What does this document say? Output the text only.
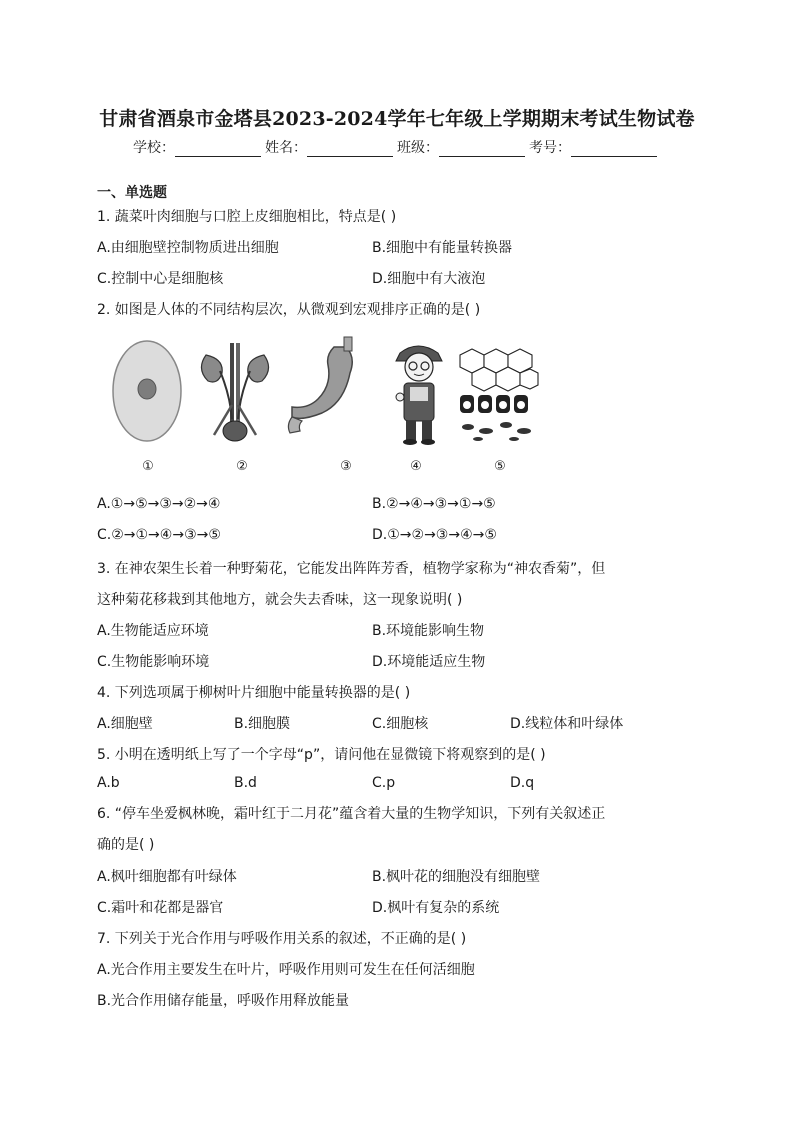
甘肃省酒泉市金塔县2023-2024学年七年级上学期期末考试生物试卷
学校：	姓名：	班级：	考号：
一、单选题
1. 蔬菜叶肉细胞与口腔上皮细胞相比，特点是( )
A.由细胞壁控制物质进出细胞	B.细胞中有能量转换器
C.控制中心是细胞核	D.细胞中有大液泡
2. 如图是人体的不同结构层次，从微观到宏观排序正确的是( )
①	②	③	④	⑤
A.①→⑤→③→②→④	B.②→④→③→①→⑤
C.②→①→④→③→⑤	D.①→②→③→④→⑤
3. 在神农架生长着一种野菊花，它能发出阵阵芳香，植物学家称为“神农香菊”，但
这种菊花移栽到其他地方，就会失去香味，这一现象说明( )
A.生物能适应环境	B.环境能影响生物
C.生物能影响环境	D.环境能适应生物
4. 下列选项属于柳树叶片细胞中能量转换器的是( )
A.细胞壁	B.细胞膜	C.细胞核	D.线粒体和叶绿体
5. 小明在透明纸上写了一个字母“p”，请问他在显微镜下将观察到的是( )
A.b	B.d	C.p	D.q
6. “停车坐爱枫林晚，霜叶红于二月花”蕴含着大量的生物学知识，下列有关叙述正
确的是( )
A.枫叶细胞都有叶绿体	B.枫叶花的细胞没有细胞壁
C.霜叶和花都是器官	D.枫叶有复杂的系统
7. 下列关于光合作用与呼吸作用关系的叙述，不正确的是( )
A.光合作用主要发生在叶片，呼吸作用则可发生在任何活细胞
B.光合作用储存能量，呼吸作用释放能量
